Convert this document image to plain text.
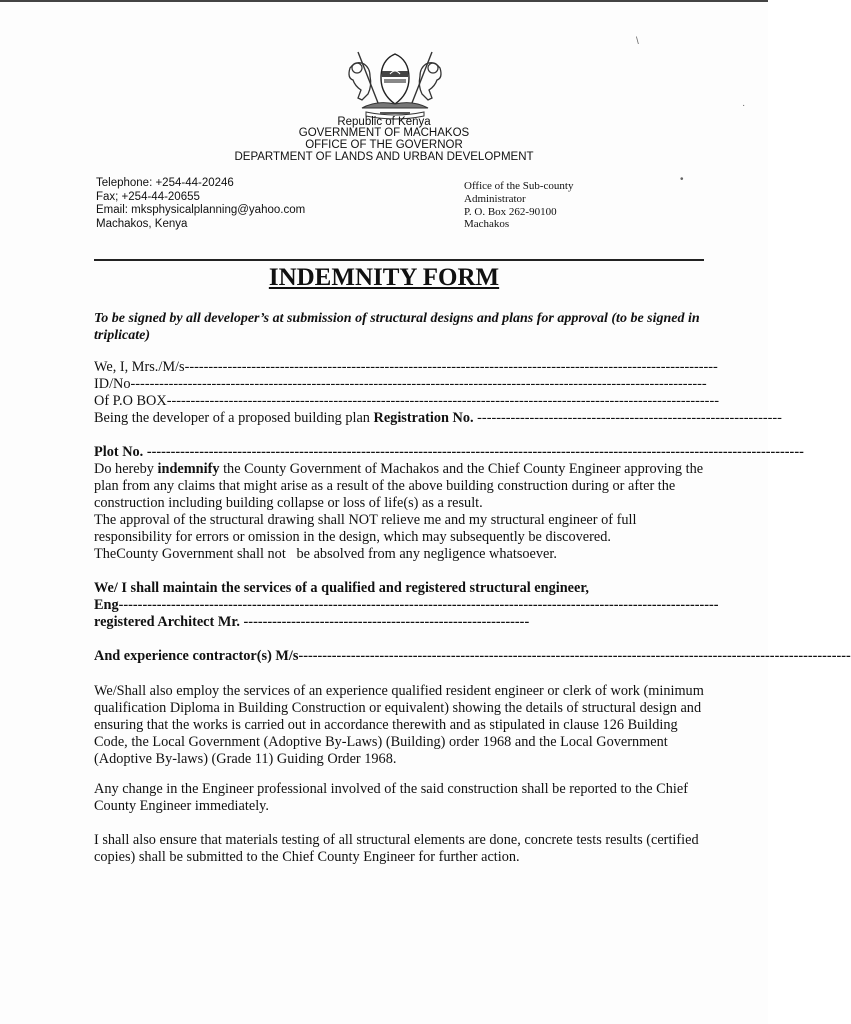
Republic of Kenya
GOVERNMENT OF MACHAKOS
OFFICE OF THE GOVERNOR
DEPARTMENT OF LANDS AND URBAN DEVELOPMENT
Telephone: +254-44-20246
Fax; +254-44-20655
Email: mksphysicalplanning@yahoo.com
Machakos, Kenya
Office of the Sub-county
Administrator
P. O. Box 262-90100
Machakos
INDEMNITY FORM
To be signed by all developer’s at submission of structural designs and plans for approval (to be signed in triplicate)
We, I, Mrs./M/s----------------------------------------------------------------------------------------------------------------
ID/No-------------------------------------------------------------------------------------------------------------------------
Of P.O BOX--------------------------------------------------------------------------------------------------------------------
Being the developer of a proposed building plan Registration No. ----------------------------------------------------------------
Plot No. ------------------------------------------------------------------------------------------------------------------------------------------
Do hereby indemnify the County Government of Machakos and the Chief County Engineer approving the plan from any claims that might arise as a result of the above building construction during or after the construction including building collapse or loss of life(s) as a result.
The approval of the structural drawing shall NOT relieve me and my structural engineer of full responsibility for errors or omission in the design, which may subsequently be discovered.
TheCounty Government shall not   be absolved from any negligence whatsoever.
We/ I shall maintain the services of a qualified and registered structural engineer,
Eng------------------------------------------------------------------------------------------------------------------------------
registered Architect Mr. ------------------------------------------------------------
And experience contractor(s) M/s--------------------------------------------------------------------------------------------------------------------
We/Shall also employ the services of an experience qualified resident engineer or clerk of work (minimum qualification Diploma in Building Construction or equivalent) showing the details of structural design and ensuring that the works is carried out in accordance therewith and as stipulated in clause 126 Building Code, the Local Government (Adoptive By-Laws) (Building) order 1968 and the Local Government (Adoptive By-laws) (Grade 11) Guiding Order 1968.
Any change in the Engineer professional involved of the said construction shall be reported to the Chief County Engineer immediately.
I shall also ensure that materials testing of all structural elements are done, concrete tests results (certified copies) shall be submitted to the Chief County Engineer for further action.
\
•
·
